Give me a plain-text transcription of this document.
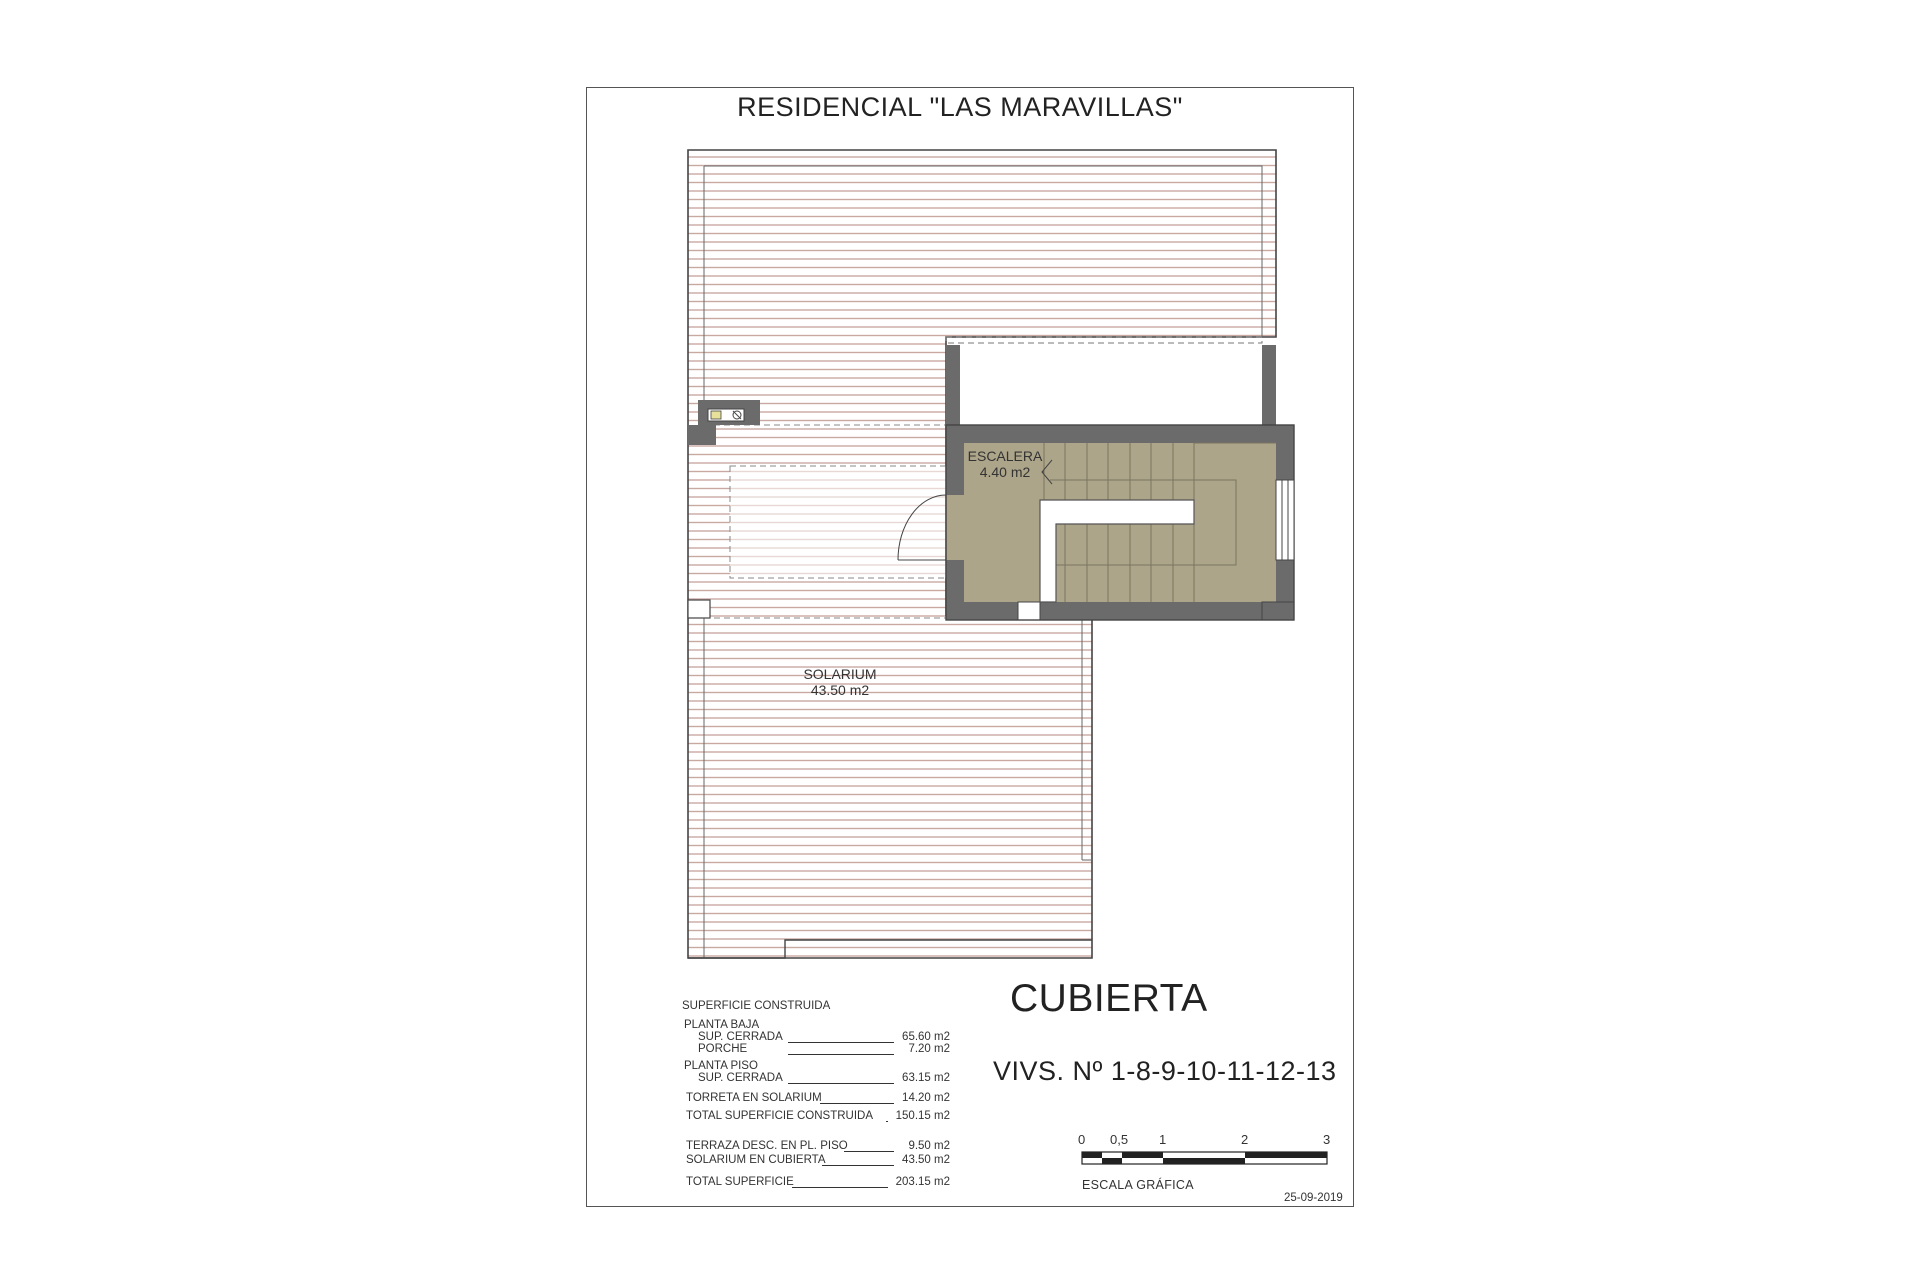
RESIDENCIAL "LAS MARAVILLAS"
ESCALERA
4.40 m2
SOLARIUM
43.50 m2
CUBIERTA
VIVS. Nº 1-8-9-10-11-12-13
SUPERFICIE CONSTRUIDA
PLANTA BAJA
SUP. CERRADA	65.60 m2
PORCHE	7.20 m2
PLANTA PISO
SUP. CERRADA	63.15 m2
TORRETA EN SOLARIUM	14.20 m2
TOTAL SUPERFICIE CONSTRUIDA 150.15 m2
TERRAZA DESC. EN PL. PISO	9.50 m2
SOLARIUM EN CUBIERTA	43.50 m2
TOTAL SUPERFICIE	203.15 m2
0 0,5 1	2	3
ESCALA GRÁFICA
25-09-2019
